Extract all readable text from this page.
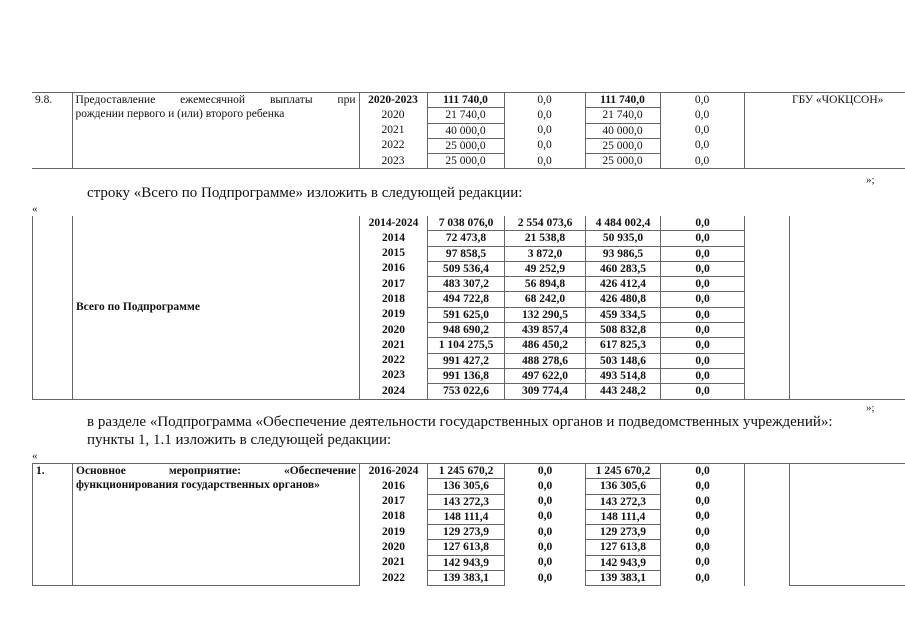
9.8.	Предоставление ежемесячной выплаты при
рождении первого и (или) второго ребенка	2020-2023	111 740,0	0,0	111 740,0	0,0		ГБУ «ЧОКЦСОН»
		2020	21 740,0	0,0	21 740,0	0,0		
		2021	40 000,0	0,0	40 000,0	0,0		
		2022	25 000,0	0,0	25 000,0	0,0		
		2023	25 000,0	0,0	25 000,0	0,0		
»;
строку «Всего по Подпрограмме» изложить в следующей редакции:
«
	Всего по Подпрограмме	2014-2024	7 038 076,0	2 554 073,6	4 484 002,4	0,0		
		2014	72 473,8	21 538,8	50 935,0	0,0		
		2015	97 858,5	3 872,0	93 986,5	0,0		
		2016	509 536,4	49 252,9	460 283,5	0,0		
		2017	483 307,2	56 894,8	426 412,4	0,0		
		2018	494 722,8	68 242,0	426 480,8	0,0		
		2019	591 625,0	132 290,5	459 334,5	0,0		
		2020	948 690,2	439 857,4	508 832,8	0,0		
		2021	1 104 275,5	486 450,2	617 825,3	0,0		
		2022	991 427,2	488 278,6	503 148,6	0,0		
		2023	991 136,8	497 622,0	493 514,8	0,0		
		2024	753 022,6	309 774,4	443 248,2	0,0		
»;
в разделе «Подпрограмма «Обеспечение деятельности государственных органов и подведомственных учреждений»:
пункты 1, 1.1 изложить в следующей редакции:
«
1.	Основное мероприятие: «Обеспечение
функционирования государственных органов»	2016-2024	1 245 670,2	0,0	1 245 670,2	0,0		
		2016	136 305,6	0,0	136 305,6	0,0		
		2017	143 272,3	0,0	143 272,3	0,0		
		2018	148 111,4	0,0	148 111,4	0,0		
		2019	129 273,9	0,0	129 273,9	0,0		
		2020	127 613,8	0,0	127 613,8	0,0		
		2021	142 943,9	0,0	142 943,9	0,0		
		2022	139 383,1	0,0	139 383,1	0,0		
